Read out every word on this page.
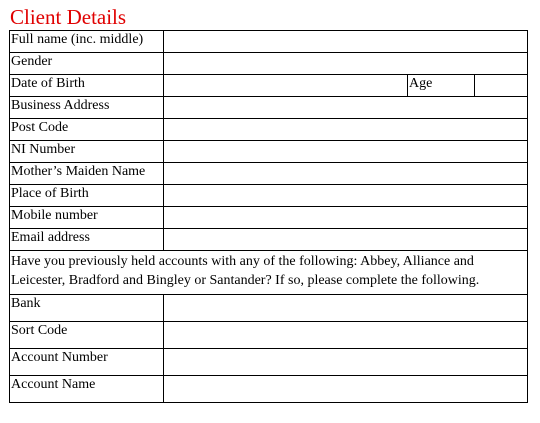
Client Details
Full name (inc. middle)			
Gender			
Date of Birth		Age	
Business Address			
Post Code			
NI Number			
Mother’s Maiden Name			
Place of Birth			
Mobile number			
Email address			
Have you previously held accounts with any of the following: Abbey, Alliance and Leicester, Bradford and Bingley or Santander? If so, please complete the following.			
Bank			
Sort Code			
Account Number			
Account Name			
